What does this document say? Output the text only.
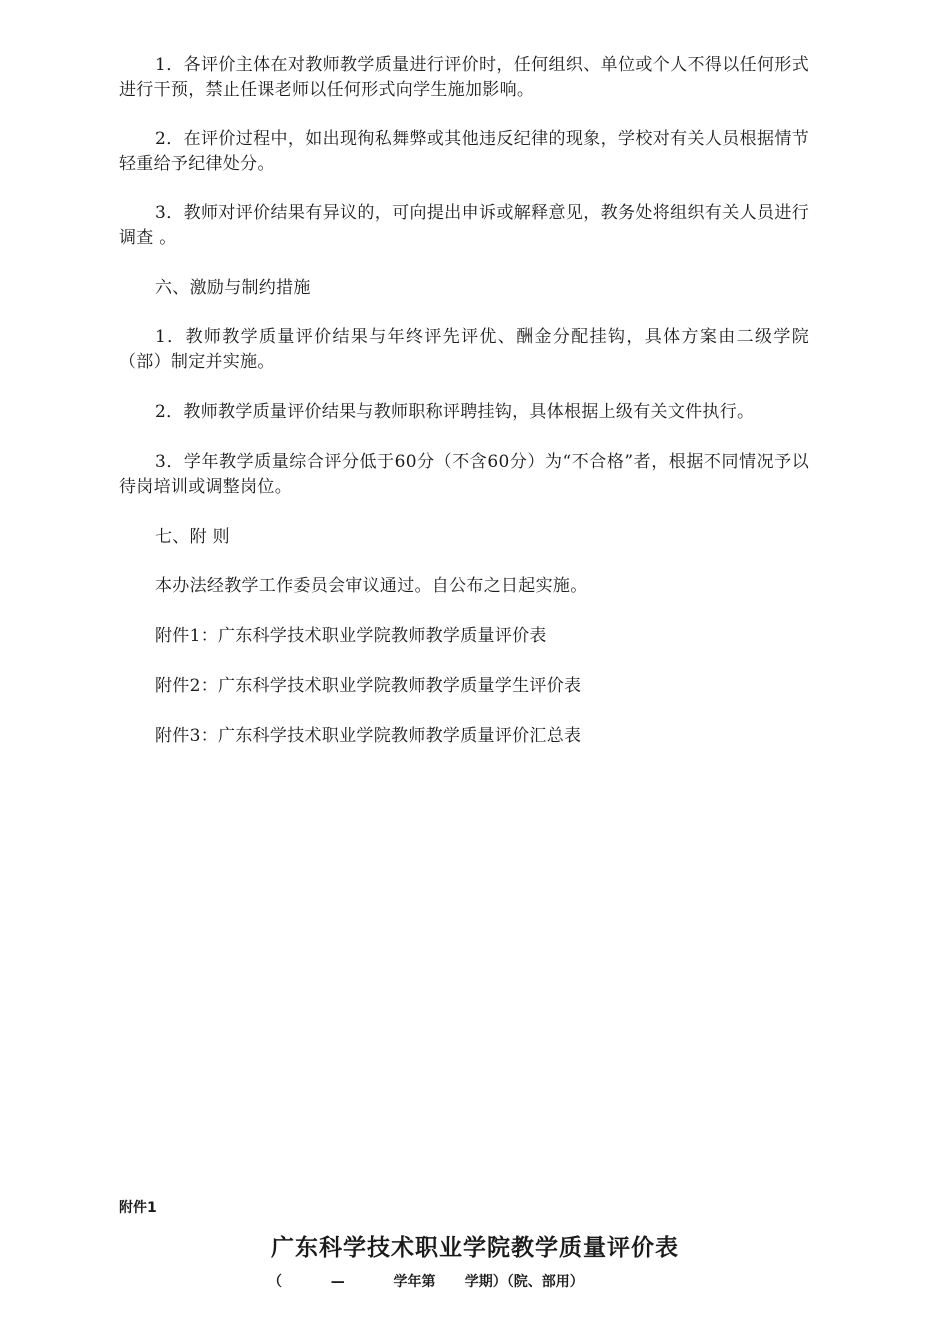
1．各评价主体在对教师教学质量进行评价时，任何组织、单位或个人不得以任何形式进行干预，禁止任课老师以任何形式向学生施加影响。

2．在评价过程中，如出现徇私舞弊或其他违反纪律的现象，学校对有关人员根据情节轻重给予纪律处分。

3．教师对评价结果有异议的，可向提出申诉或解释意见，教务处将组织有关人员进行调查 。

六、激励与制约措施

1．教师教学质量评价结果与年终评先评优、酬金分配挂钩，具体方案由二级学院（部）制定并实施。

2．教师教学质量评价结果与教师职称评聘挂钩，具体根据上级有关文件执行。

3．学年教学质量综合评分低于60分（不含60分）为“不合格”者，根据不同情况予以待岗培训或调整岗位。

七、附 则

本办法经教学工作委员会审议通过。自公布之日起实施。

附件1：广东科学技术职业学院教师教学质量评价表

附件2：广东科学技术职业学院教师教学质量学生评价表

附件3：广东科学技术职业学院教师教学质量评价汇总表

附件1

广东科学技术职业学院教学质量评价表

（          —          学年第      学期）（院、部用）
